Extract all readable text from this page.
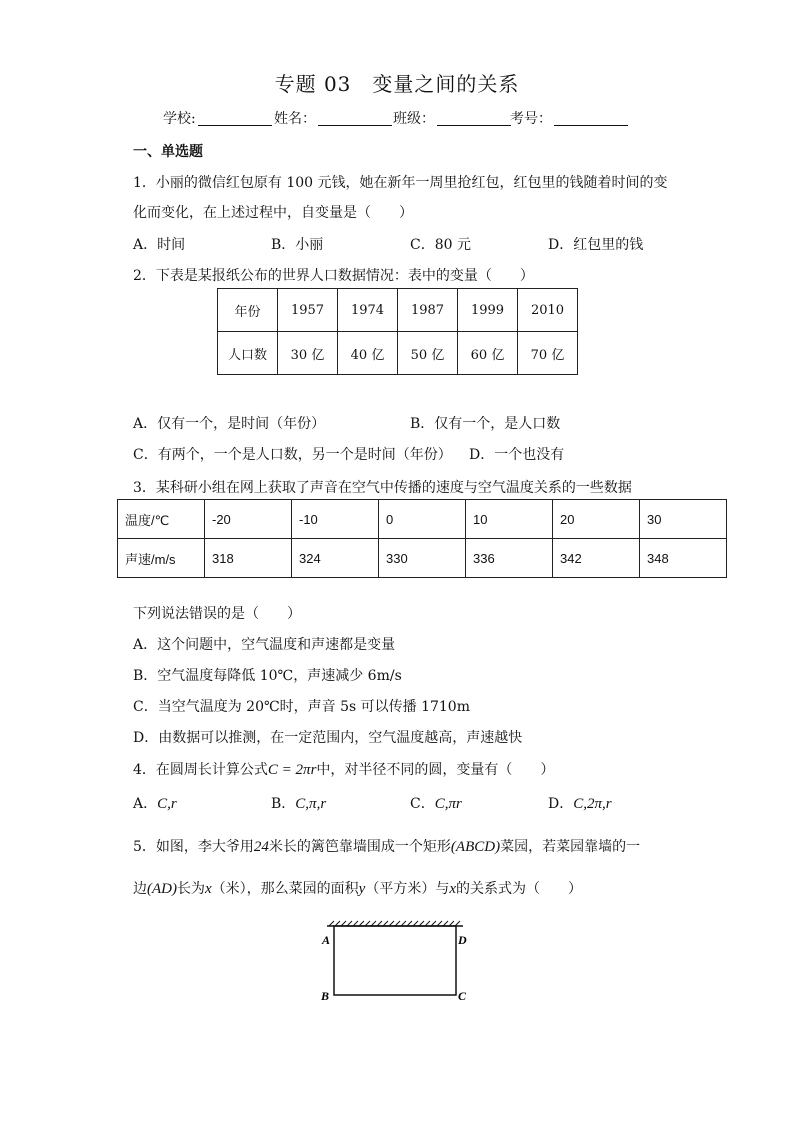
专题 03　变量之间的关系
学校:	姓名：	班级：	考号：
一、单选题
1．小丽的微信红包原有 100 元钱，她在新年一周里抢红包，红包里的钱随着时间的变
化而变化，在上述过程中，自变量是（　　）
A．时间	B．小丽	C．80 元	D．红包里的钱
2．下表是某报纸公布的世界人口数据情况：表中的变量（　　）
年份	1957	1974	1987	1999	2010
人口数	30 亿	40 亿	50 亿	60 亿	70 亿
A．仅有一个，是时间（年份）	B．仅有一个，是人口数
C．有两个，一个是人口数，另一个是时间（年份） D．一个也没有
3．某科研小组在网上获取了声音在空气中传播的速度与空气温度关系的一些数据
温度/℃	-20	-10	0	10	20	30
声速/m/s	318	324	330	336	342	348
下列说法错误的是（　　）
A．这个问题中，空气温度和声速都是变量
B．空气温度每降低 10℃，声速减少 6m/s
C．当空气温度为 20℃时，声音 5s 可以传播 1710m
D．由数据可以推测，在一定范围内，空气温度越高，声速越快
4．在圆周长计算公式C = 2πr中，对半径不同的圆，变量有（　　）
A．C,r	B．C,π,r	C．C,πr	D．C,2π,r
5．如图，李大爷用24米长的篱笆靠墙围成一个矩形(ABCD)菜园，若菜园靠墙的一
边(AD)长为x（米），那么菜园的面积y（平方米）与x的关系式为（　　）
A	D
B	C
